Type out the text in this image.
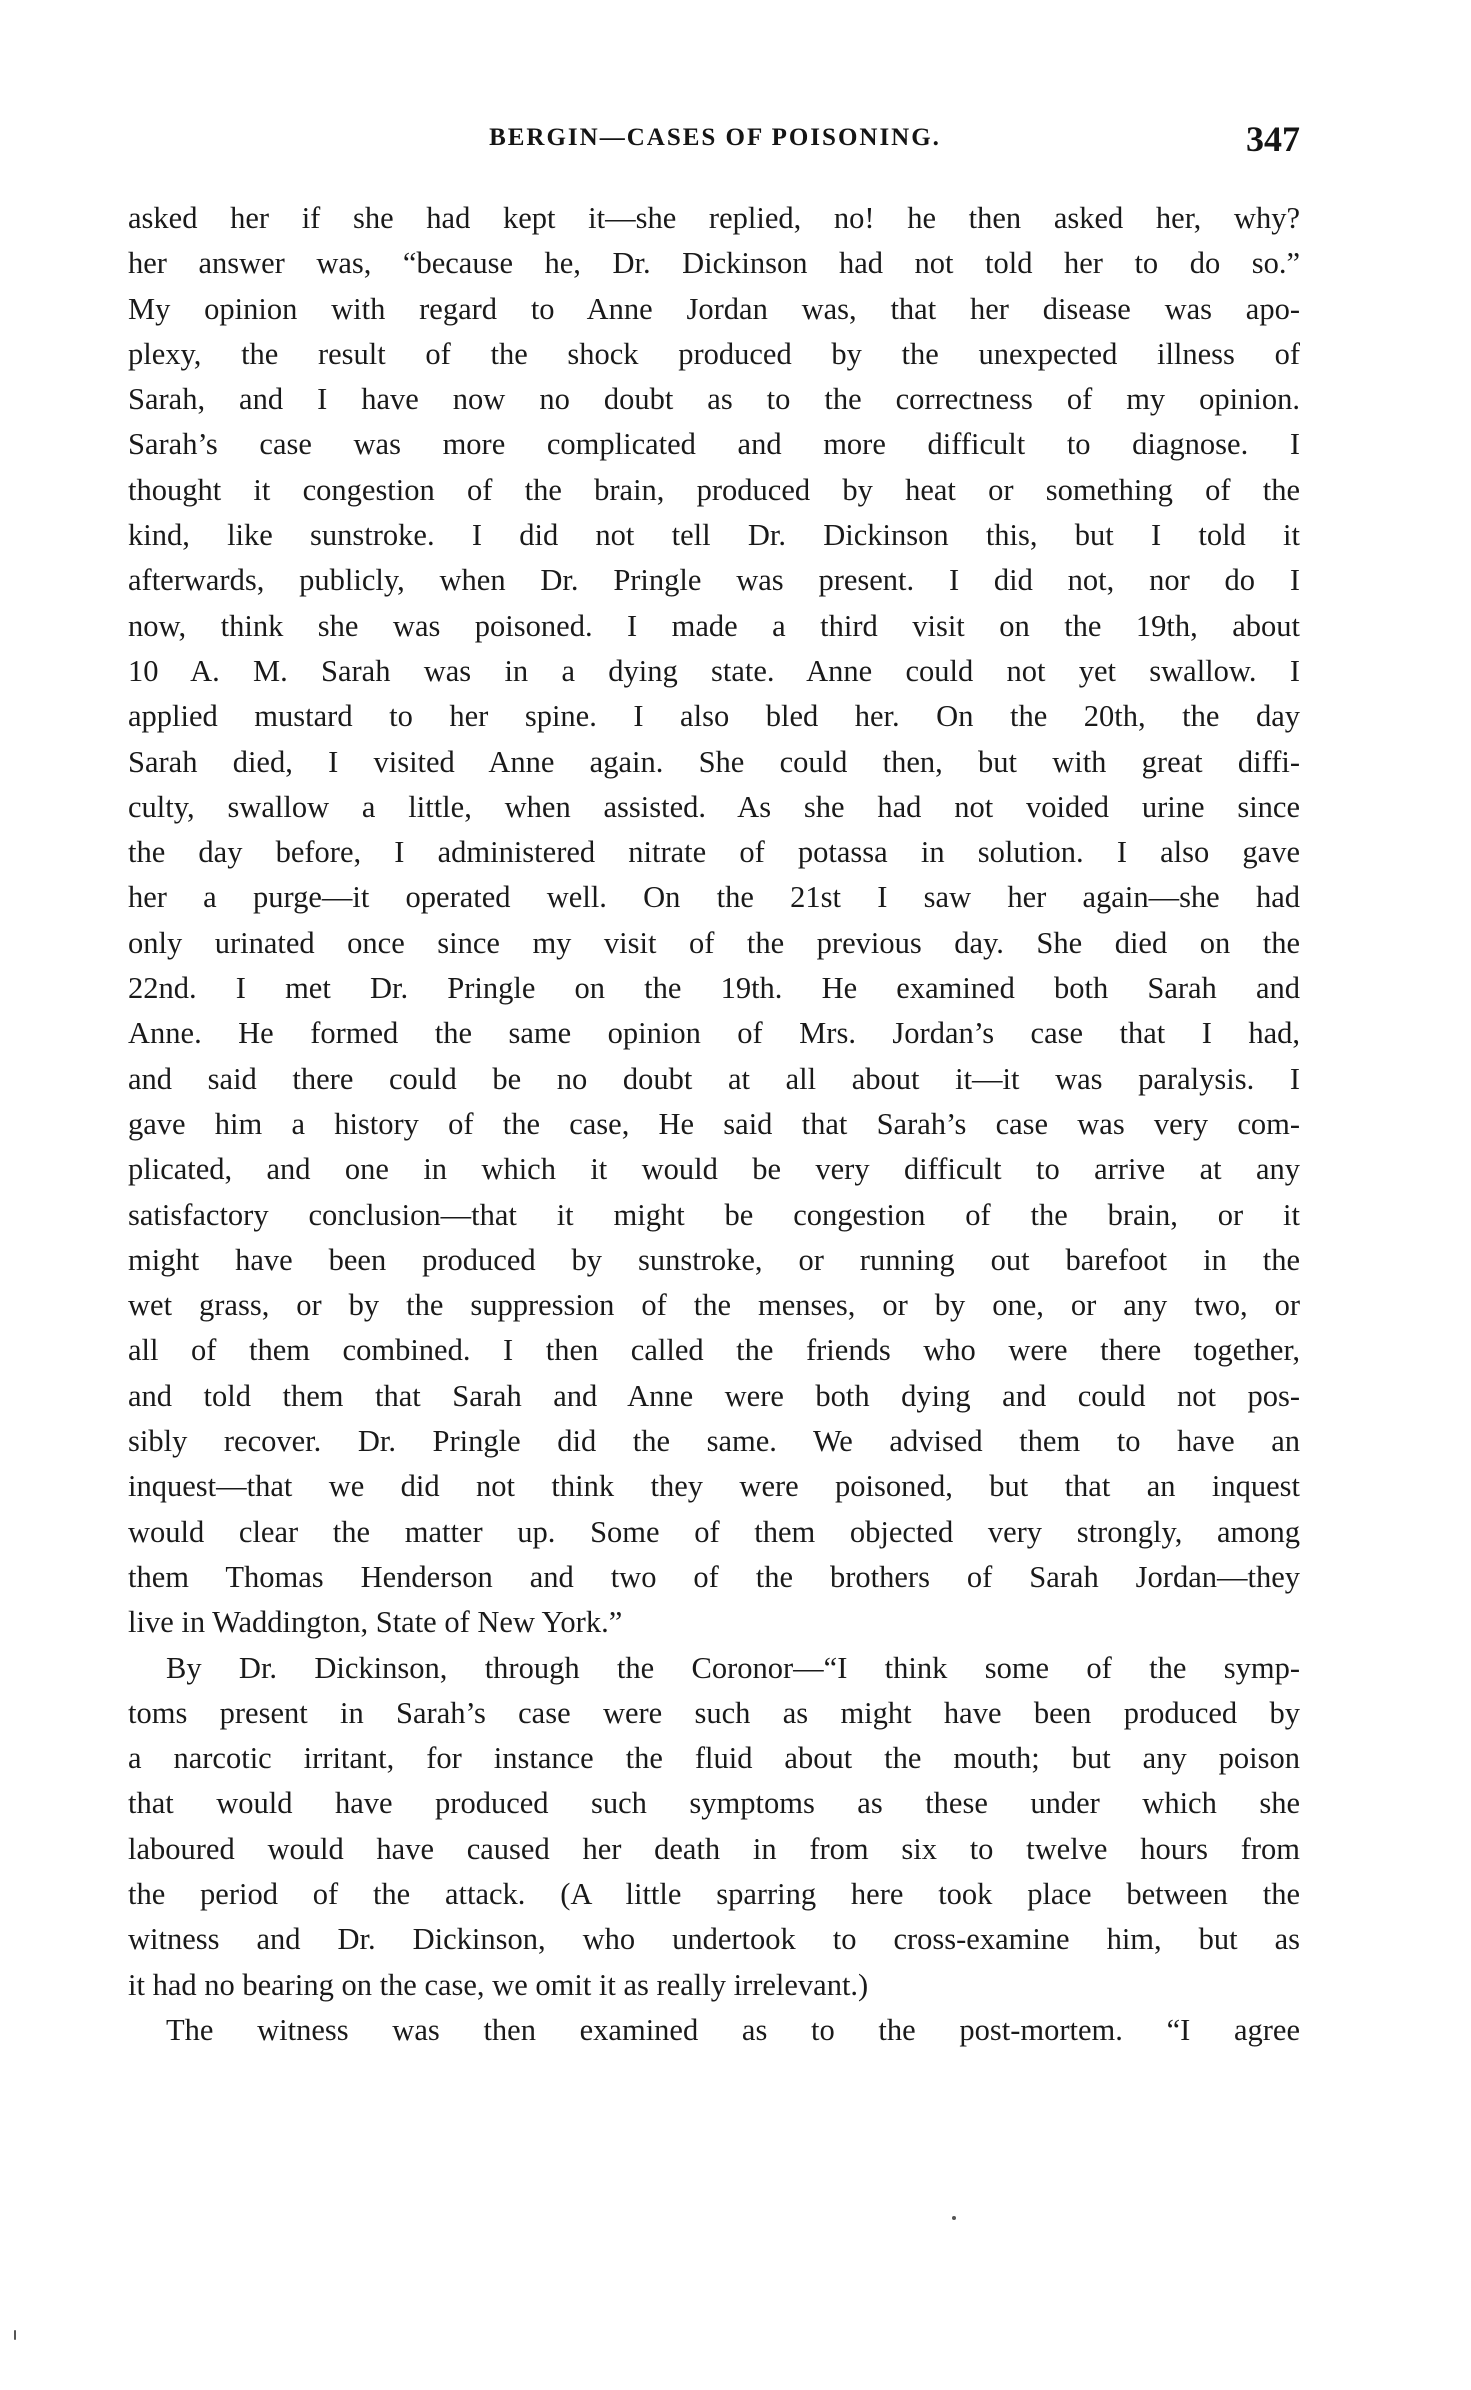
BERGIN—CASES OF POISONING.	347
asked her if she had kept it—she replied, no! he then asked her, why?
her answer was, “because he, Dr. Dickinson had not told her to do so.”
My opinion with regard to Anne Jordan was, that her disease was apo-
plexy, the result of the shock produced by the unexpected illness of
Sarah, and I have now no doubt as to the correctness of my opinion.
Sarah’s case was more complicated and more difficult to diagnose. I
thought it congestion of the brain, produced by heat or something of the
kind, like sunstroke. I did not tell Dr. Dickinson this, but I told it
afterwards, publicly, when Dr. Pringle was present. I did not, nor do I
now, think she was poisoned. I made a third visit on the 19th, about
10 A. M. Sarah was in a dying state. Anne could not yet swallow. I
applied mustard to her spine. I also bled her. On the 20th, the day
Sarah died, I visited Anne again. She could then, but with great diffi-
culty, swallow a little, when assisted. As she had not voided urine since
the day before, I administered nitrate of potassa in solution. I also gave
her a purge—it operated well. On the 21st I saw her again—she had
only urinated once since my visit of the previous day. She died on the
22nd. I met Dr. Pringle on the 19th. He examined both Sarah and
Anne. He formed the same opinion of Mrs. Jordan’s case that I had,
and said there could be no doubt at all about it—it was paralysis. I
gave him a history of the case, He said that Sarah’s case was very com-
plicated, and one in which it would be very difficult to arrive at any
satisfactory conclusion—that it might be congestion of the brain, or it
might have been produced by sunstroke, or running out barefoot in the
wet grass, or by the suppression of the menses, or by one, or any two, or
all of them combined. I then called the friends who were there together,
and told them that Sarah and Anne were both dying and could not pos-
sibly recover. Dr. Pringle did the same. We advised them to have an
inquest—that we did not think they were poisoned, but that an inquest
would clear the matter up. Some of them objected very strongly, among
them Thomas Henderson and two of the brothers of Sarah Jordan—they
live in Waddington, State of New York.”
By Dr. Dickinson, through the Coronor—“I think some of the symp-
toms present in Sarah’s case were such as might have been produced by
a narcotic irritant, for instance the fluid about the mouth; but any poison
that would have produced such symptoms as these under which she
laboured would have caused her death in from six to twelve hours from
the period of the attack. (A little sparring here took place between the
witness and Dr. Dickinson, who undertook to cross-examine him, but as
it had no bearing on the case, we omit it as really irrelevant.)
The witness was then examined as to the post-mortem. “I agree
